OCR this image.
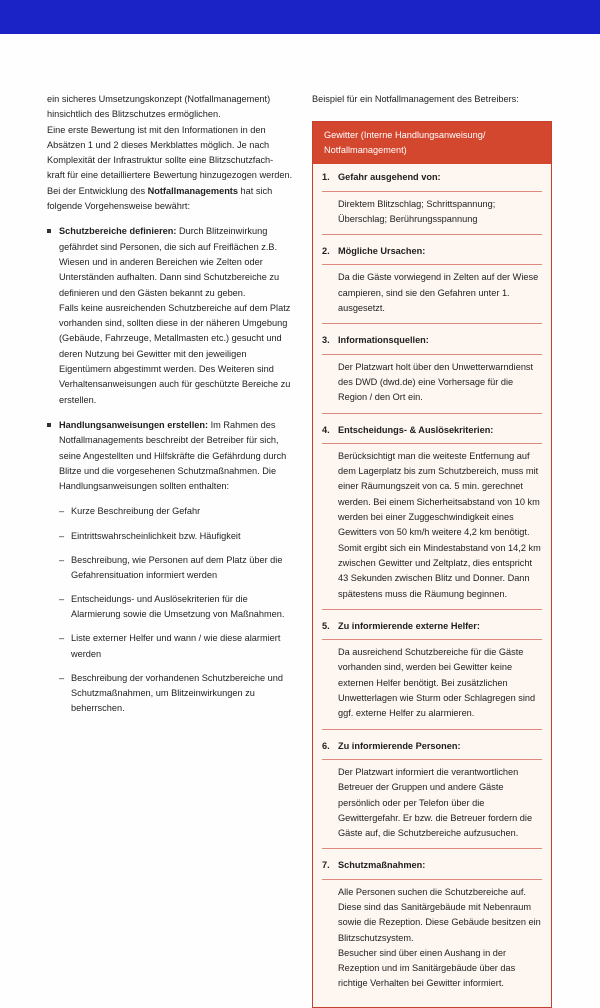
ein sicheres Umsetzungskonzept (Notfallmanagement)
hinsichtlich des Blitzschutzes ermöglichen.

Eine erste Bewertung ist mit den Informationen in den
Absätzen 1 und 2 dieses Merkblattes möglich. Je nach
Komplexität der Infrastruktur sollte eine Blitzschutzfach-
kraft für eine detailliertere Bewertung hinzugezogen werden.

Bei der Entwicklung des Notfallmanagements hat sich folgende Vorgehensweise bewährt:

Schutzbereiche definieren: Durch Blitzeinwirkung gefährdet sind Personen, die sich auf Freiflächen z.B. Wiesen und in anderen Bereichen wie Zelten oder Unterständen aufhalten. Dann sind Schutzbereiche zu definieren und den Gästen bekannt zu geben.

Falls keine ausreichenden Schutzbereiche auf dem Platz vorhanden sind, sollten diese in der näheren Umgebung (Gebäude, Fahrzeuge, Metallmasten etc.) gesucht und deren Nutzung bei Gewitter mit den jeweiligen Eigentümern abgestimmt werden. Des Weiteren sind Verhaltensanweisungen auch für geschützte Bereiche zu erstellen.

Handlungsanweisungen erstellen: Im Rahmen des Notfallmanagements beschreibt der Betreiber für sich, seine Angestellten und Hilfskräfte die Gefährdung durch Blitze und die vorgesehenen Schutzmaßnahmen. Die Handlungsanweisungen sollten enthalten:

– Kurze Beschreibung der Gefahr
– Eintrittswahrscheinlichkeit bzw. Häufigkeit
– Beschreibung, wie Personen auf dem Platz über die Gefahrensituation informiert werden
– Entscheidungs- und Auslösekriterien für die Alarmierung sowie die Umsetzung von Maßnahmen.
– Liste externer Helfer und wann / wie diese alarmiert werden
– Beschreibung der vorhandenen Schutzbereiche und Schutzmaßnahmen, um Blitzeinwirkungen zu beherrschen.

Beispiel für ein Notfallmanagement des Betreibers:

Gewitter (Interne Handlungsanweisung/
Notfallmanagement)
1. Gefahr ausgehend von:

Direktem Blitzschlag; Schrittspannung; Überschlag; Berührungsspannung

2. Mögliche Ursachen:

Da die Gäste vorwiegend in Zelten auf der Wiese campieren, sind sie den Gefahren unter 1. ausgesetzt.

3. Informationsquellen:

Der Platzwart holt über den Unwetterwarndienst des DWD (dwd.de) eine Vorhersage für die Region / den Ort ein.

4. Entscheidungs- & Auslösekriterien:

Berücksichtigt man die weiteste Entfernung auf dem Lagerplatz bis zum Schutzbereich, muss mit einer Räumungszeit von ca. 5 min. gerechnet werden. Bei einem Sicherheitsabstand von 10 km werden bei einer Zuggeschwindigkeit eines Gewitters von 50 km/h weitere 4,2 km benötigt. Somit ergibt sich ein Mindestabstand von 14,2 km zwischen Gewitter und Zeltplatz, dies entspricht 43 Sekunden zwischen Blitz und Donner. Dann spätestens muss die Räumung beginnen.

5. Zu informierende externe Helfer:

Da ausreichend Schutzbereiche für die Gäste vorhanden sind, werden bei Gewitter keine externen Helfer benötigt. Bei zusätzlichen Unwetterlagen wie Sturm oder Schlagregen sind ggf. externe Helfer zu alarmieren.

6. Zu informierende Personen:

Der Platzwart informiert die verantwortlichen Betreuer der Gruppen und andere Gäste persönlich oder per Telefon über die Gewittergefahr. Er bzw. die Betreuer fordern die Gäste auf, die Schutzbereiche aufzusuchen.

7. Schutzmaßnahmen:

Alle Personen suchen die Schutzbereiche auf. Diese sind das Sanitärgebäude mit Nebenraum sowie die Rezeption. Diese Gebäude besitzen ein Blitzschutzsystem.

Besucher sind über einen Aushang in der Rezeption und im Sanitärgebäude über das richtige Verhalten bei Gewitter informiert.
